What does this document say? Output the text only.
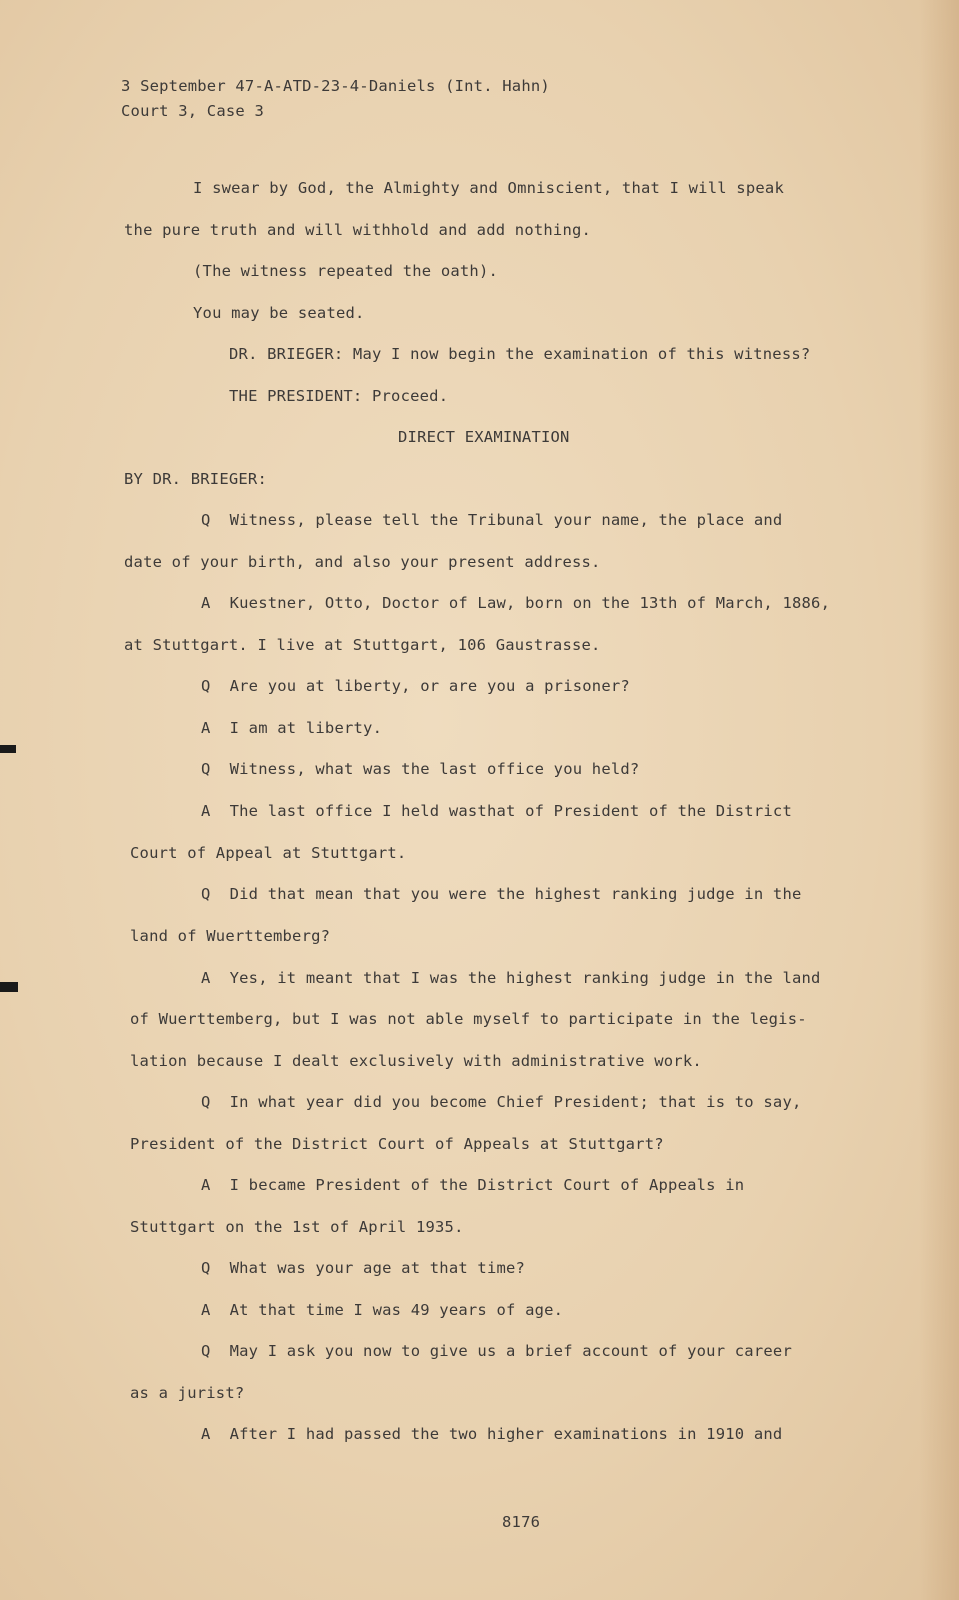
3 September 47-A-ATD-23-4-Daniels (Int. Hahn)
Court 3, Case 3
I swear by God, the Almighty and Omniscient, that I will speak
the pure truth and will withhold and add nothing.
(The witness repeated the oath).
You may be seated.
DR. BRIEGER: May I now begin the examination of this witness?
THE PRESIDENT: Proceed.
DIRECT EXAMINATION
BY DR. BRIEGER:
Q  Witness, please tell the Tribunal your name, the place and
date of your birth, and also your present address.
A  Kuestner, Otto, Doctor of Law, born on the 13th of March, 1886,
at Stuttgart. I live at Stuttgart, 106 Gaustrasse.
Q  Are you at liberty, or are you a prisoner?
A  I am at liberty.
Q  Witness, what was the last office you held?
A  The last office I held wasthat of President of the District
Court of Appeal at Stuttgart.
Q  Did that mean that you were the highest ranking judge in the
land of Wuerttemberg?
A  Yes, it meant that I was the highest ranking judge in the land
of Wuerttemberg, but I was not able myself to participate in the legis-
lation because I dealt exclusively with administrative work.
Q  In what year did you become Chief President; that is to say,
President of the District Court of Appeals at Stuttgart?
A  I became President of the District Court of Appeals in
Stuttgart on the 1st of April 1935.
Q  What was your age at that time?
A  At that time I was 49 years of age.
Q  May I ask you now to give us a brief account of your career
as a jurist?
A  After I had passed the two higher examinations in 1910 and
8176
